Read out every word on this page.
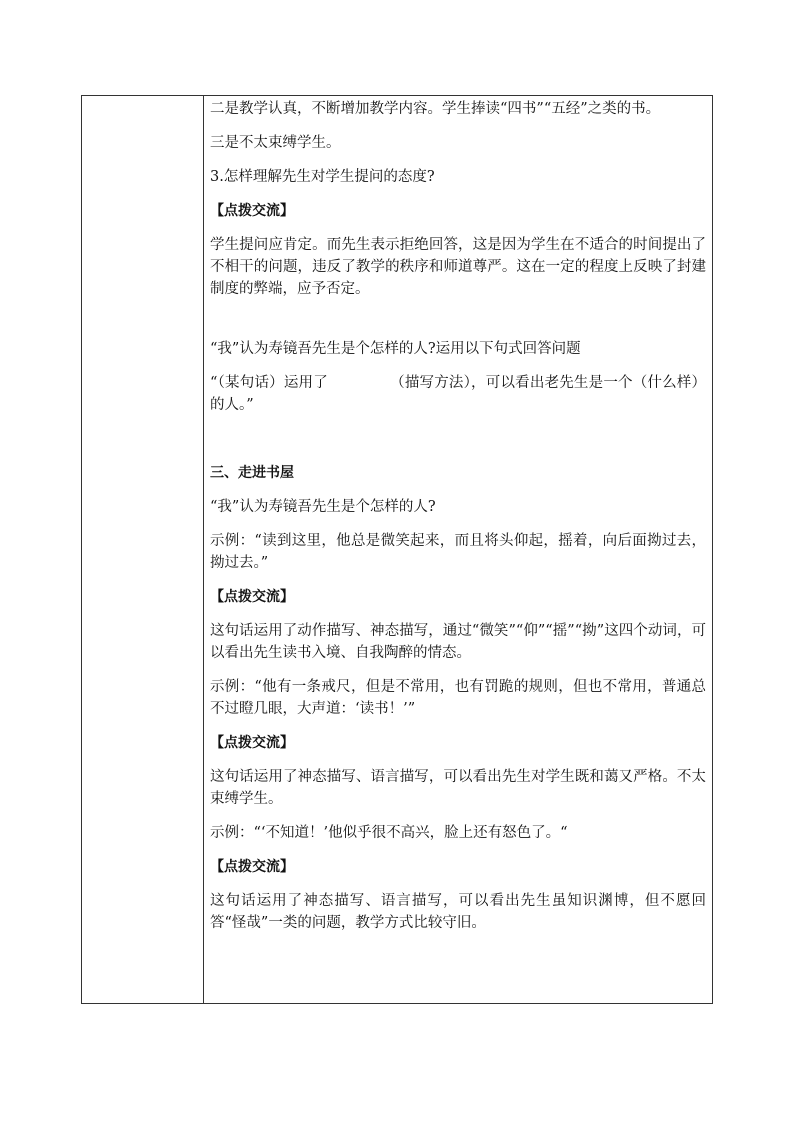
二是教学认真，不断增加教学内容。学生捧读“四书”“五经”之类的书。

三是不太束缚学生。

3.怎样理解先生对学生提问的态度?

【点拨交流】

学生提问应肯定。而先生表示拒绝回答，这是因为学生在不适合的时间提出了不相干的问题，违反了教学的秩序和师道尊严。这在一定的程度上反映了封建制度的弊端，应予否定。

“我”认为寿镜吾先生是个怎样的人?运用以下句式回答问题

“（某句话）运用了	（描写方法），可以看出老先生是一个（什么样）的人。”

三、走进书屋

“我”认为寿镜吾先生是个怎样的人?

示例：“读到这里，他总是微笑起来，而且将头仰起，摇着，向后面拗过去，拗过去。”

【点拨交流】

这句话运用了动作描写、神态描写，通过“微笑”“仰”“摇”“拗”这四个动词，可以看出先生读书入境、自我陶醉的情态。

示例：“他有一条戒尺，但是不常用，也有罚跪的规则，但也不常用，普通总不过瞪几眼，大声道：‘读书！’”

【点拨交流】

这句话运用了神态描写、语言描写，可以看出先生对学生既和蔼又严格。不太束缚学生。

示例：“‘不知道！’他似乎很不高兴，脸上还有怒色了。“

【点拨交流】

这句话运用了神态描写、语言描写，可以看出先生虽知识渊博，但不愿回答“怪哉”一类的问题，教学方式比较守旧。
